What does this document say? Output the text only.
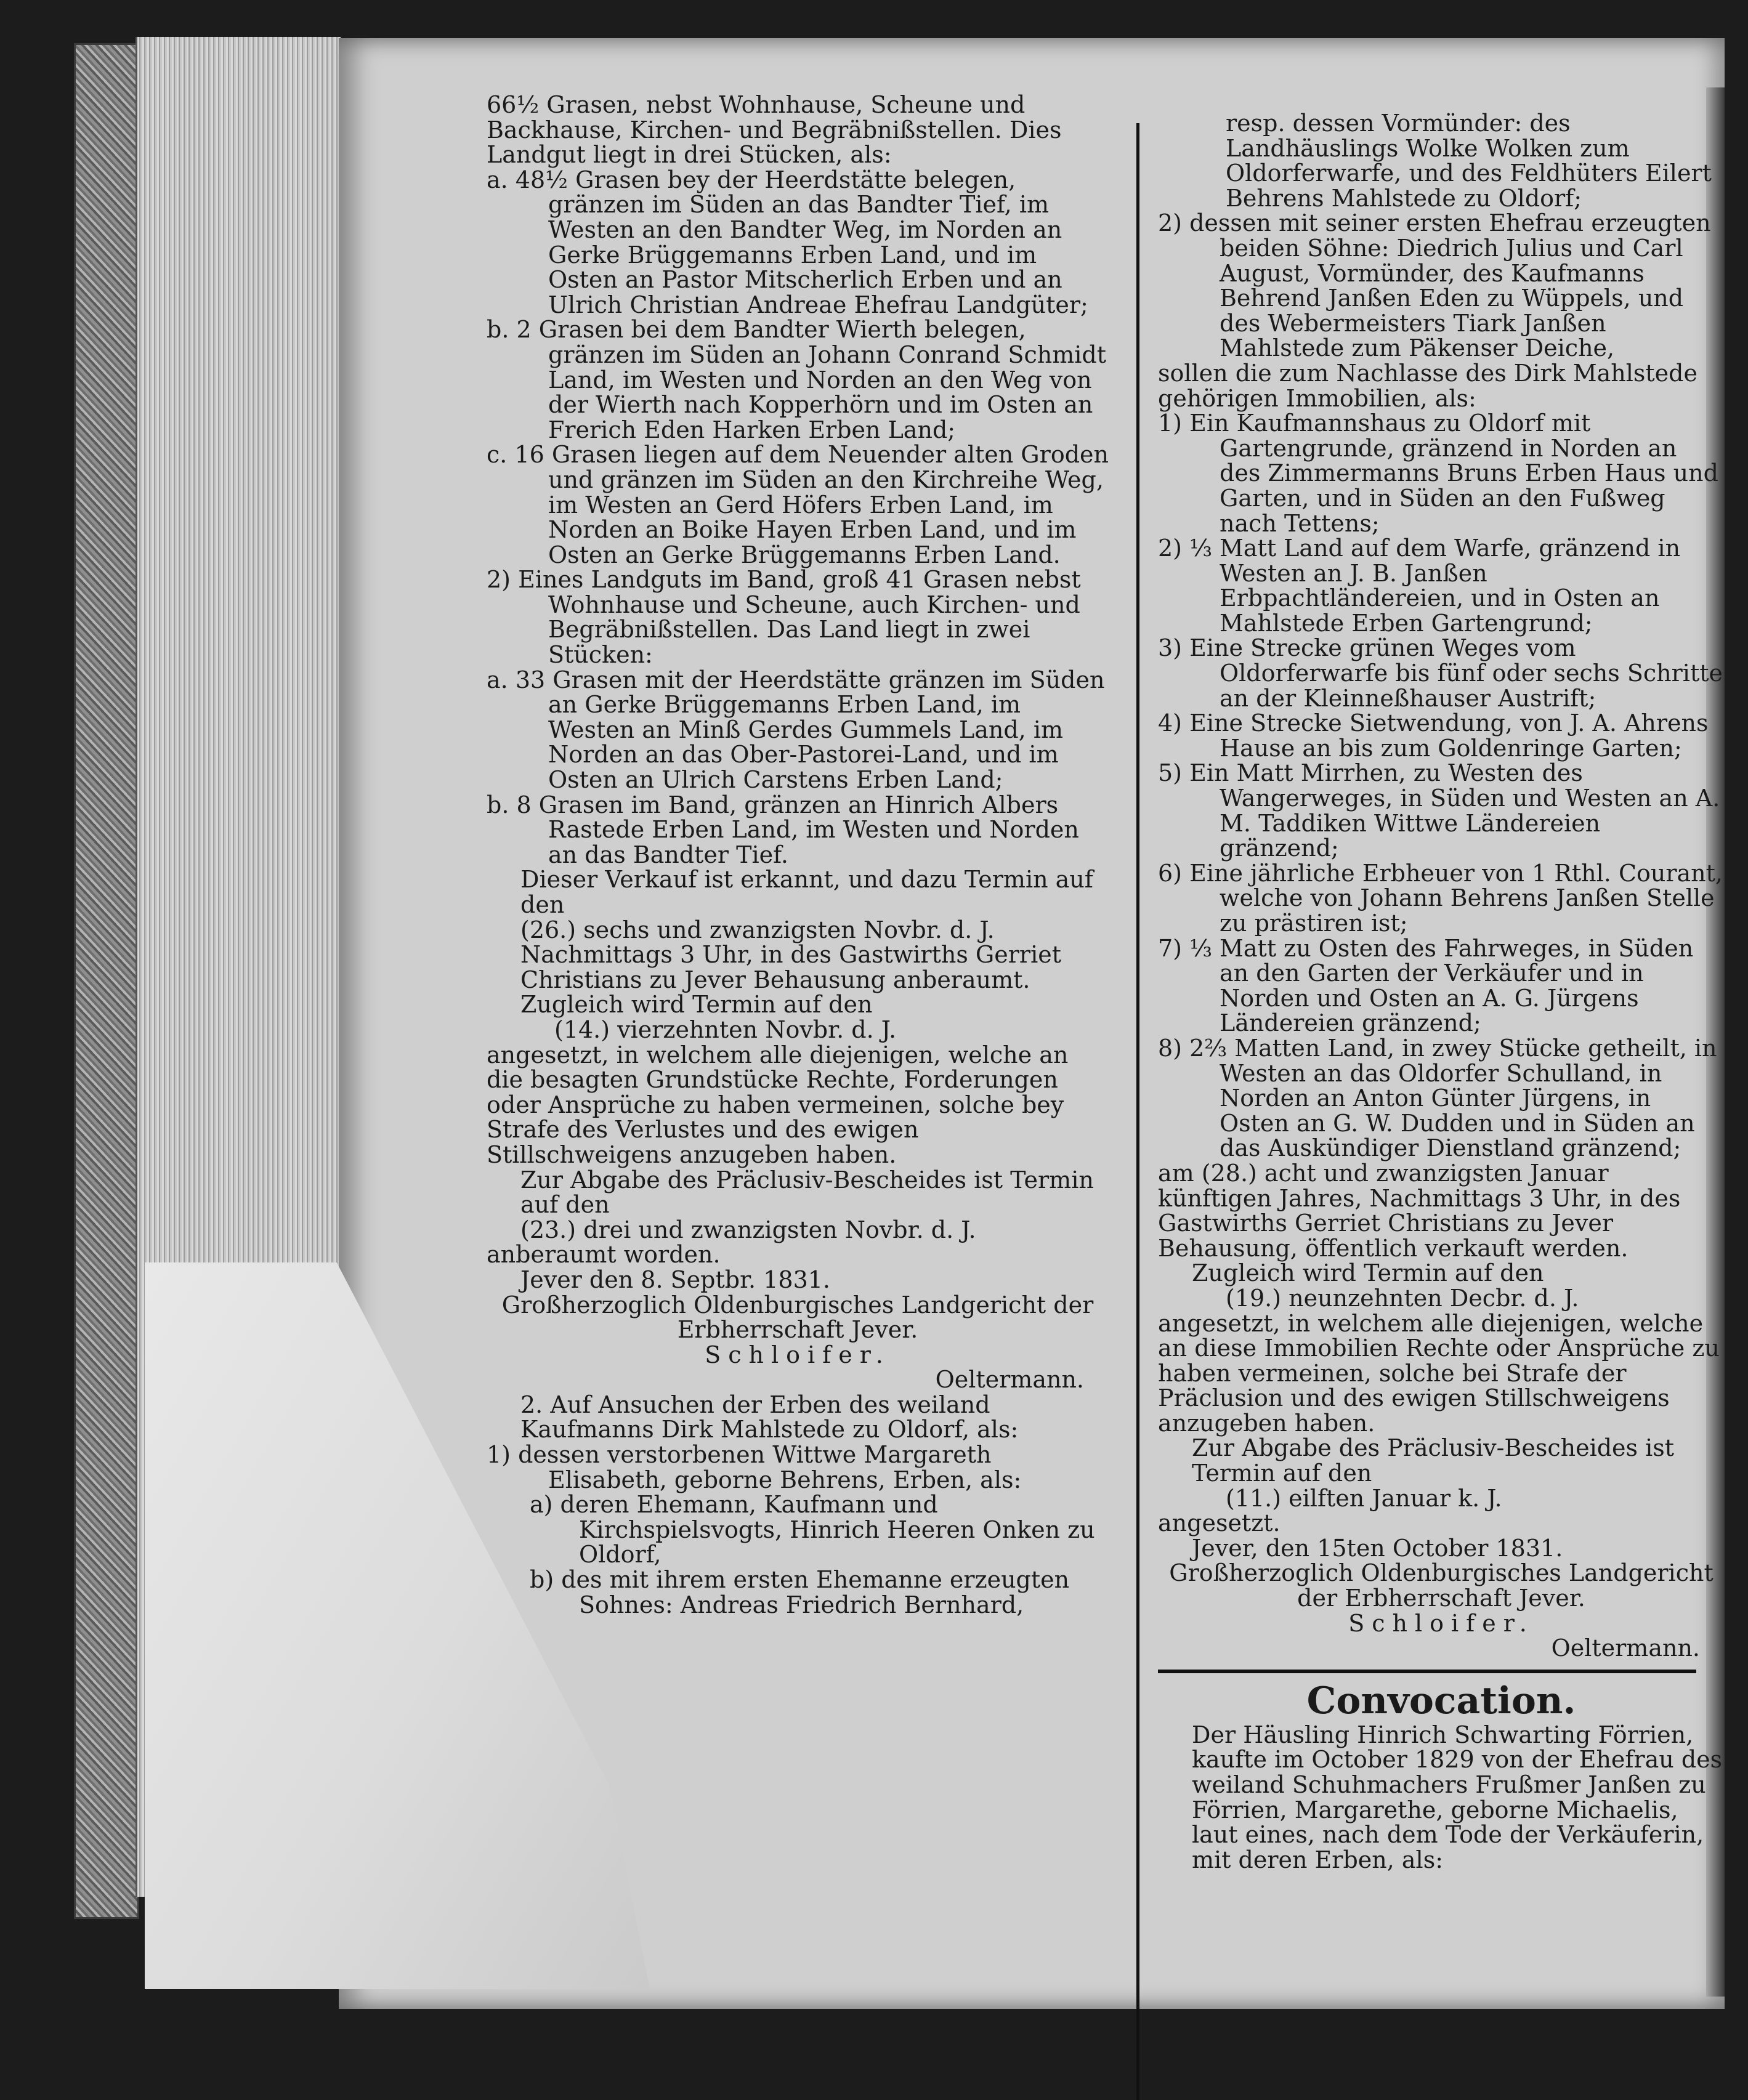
66½ Grasen, nebst Wohnhause, Scheune und Backhause, Kirchen- und Begräbnißstellen. Dies Landgut liegt in drei Stücken, als:

a. 48½ Grasen bey der Heerdstätte belegen, gränzen im Süden an das Bandter Tief, im Westen an den Bandter Weg, im Norden an Gerke Brüggemanns Erben Land, und im Osten an Pastor Mitscherlich Erben und an Ulrich Christian Andreae Ehefrau Landgüter;

b. 2 Grasen bei dem Bandter Wierth belegen, gränzen im Süden an Johann Conrand Schmidt Land, im Westen und Norden an den Weg von der Wierth nach Kopperhörn und im Osten an Frerich Eden Harken Erben Land;

c. 16 Grasen liegen auf dem Neuender alten Groden und gränzen im Süden an den Kirchreihe Weg, im Westen an Gerd Höfers Erben Land, im Norden an Boike Hayen Erben Land, und im Osten an Gerke Brüggemanns Erben Land.

2) Eines Landguts im Band, groß 41 Grasen nebst Wohnhause und Scheune, auch Kirchen- und Begräbnißstellen. Das Land liegt in zwei Stücken:

a. 33 Grasen mit der Heerdstätte gränzen im Süden an Gerke Brüggemanns Erben Land, im Westen an Minß Gerdes Gummels Land, im Norden an das Ober-Pastorei-Land, und im Osten an Ulrich Carstens Erben Land;

b. 8 Grasen im Band, gränzen an Hinrich Albers Rastede Erben Land, im Westen und Norden an das Bandter Tief.

Dieser Verkauf ist erkannt, und dazu Termin auf den

(26.) sechs und zwanzigsten Novbr. d. J. Nachmittags 3 Uhr, in des Gastwirths Gerriet Christians zu Jever Behausung anberaumt.

Zugleich wird Termin auf den

(14.) vierzehnten Novbr. d. J.

angesetzt, in welchem alle diejenigen, welche an die besagten Grundstücke Rechte, Forderungen oder Ansprüche zu haben vermeinen, solche bey Strafe des Verlustes und des ewigen Stillschweigens anzugeben haben.

Zur Abgabe des Präclusiv-Bescheides ist Termin auf den

(23.) drei und zwanzigsten Novbr. d. J.

anberaumt worden.

Jever den 8. Septbr. 1831.

Großherzoglich Oldenburgisches Landgericht der Erbherrschaft Jever.

Schloifer.

Oeltermann.

2. Auf Ansuchen der Erben des weiland Kaufmanns Dirk Mahlstede zu Oldorf, als:

1) dessen verstorbenen Wittwe Margareth Elisabeth, geborne Behrens, Erben, als:

a) deren Ehemann, Kaufmann und Kirchspielsvogts, Hinrich Heeren Onken zu Oldorf,

b) des mit ihrem ersten Ehemanne erzeugten Sohnes: Andreas Friedrich Bernhard,

resp. dessen Vormünder: des Landhäuslings Wolke Wolken zum Oldorferwarfe, und des Feldhüters Eilert Behrens Mahlstede zu Oldorf;

2) dessen mit seiner ersten Ehefrau erzeugten beiden Söhne: Diedrich Julius und Carl August, Vormünder, des Kaufmanns Behrend Janßen Eden zu Wüppels, und des Webermeisters Tiark Janßen Mahlstede zum Päkenser Deiche,

sollen die zum Nachlasse des Dirk Mahlstede gehörigen Immobilien, als:

1) Ein Kaufmannshaus zu Oldorf mit Gartengrunde, gränzend in Norden an des Zimmermanns Bruns Erben Haus und Garten, und in Süden an den Fußweg nach Tettens;

2) ⅓ Matt Land auf dem Warfe, gränzend in Westen an J. B. Janßen Erbpachtländereien, und in Osten an Mahlstede Erben Gartengrund;

3) Eine Strecke grünen Weges vom Oldorferwarfe bis fünf oder sechs Schritte an der Kleinneßhauser Austrift;

4) Eine Strecke Sietwendung, von J. A. Ahrens Hause an bis zum Goldenringe Garten;

5) Ein Matt Mirrhen, zu Westen des Wangerweges, in Süden und Westen an A. M. Taddiken Wittwe Ländereien gränzend;

6) Eine jährliche Erbheuer von 1 Rthl. Courant, welche von Johann Behrens Janßen Stelle zu prästiren ist;

7) ⅓ Matt zu Osten des Fahrweges, in Süden an den Garten der Verkäufer und in Norden und Osten an A. G. Jürgens Ländereien gränzend;

8) 2⅔ Matten Land, in zwey Stücke getheilt, in Westen an das Oldorfer Schulland, in Norden an Anton Günter Jürgens, in Osten an G. W. Dudden und in Süden an das Auskündiger Dienstland gränzend;

am (28.) acht und zwanzigsten Januar künftigen Jahres, Nachmittags 3 Uhr, in des Gastwirths Gerriet Christians zu Jever Behausung, öffentlich verkauft werden.

Zugleich wird Termin auf den

(19.) neunzehnten Decbr. d. J.

angesetzt, in welchem alle diejenigen, welche an diese Immobilien Rechte oder Ansprüche zu haben vermeinen, solche bei Strafe der Präclusion und des ewigen Stillschweigens anzugeben haben.

Zur Abgabe des Präclusiv-Bescheides ist Termin auf den

(11.) eilften Januar k. J.

angesetzt.

Jever, den 15ten October 1831.

Großherzoglich Oldenburgisches Landgericht der Erbherrschaft Jever.

Schloifer.

Oeltermann.

Convocation.

Der Häusling Hinrich Schwarting Förrien, kaufte im October 1829 von der Ehefrau des weiland Schuhmachers Frußmer Janßen zu Förrien, Margarethe, geborne Michaelis, laut eines, nach dem Tode der Verkäuferin, mit deren Erben, als:
